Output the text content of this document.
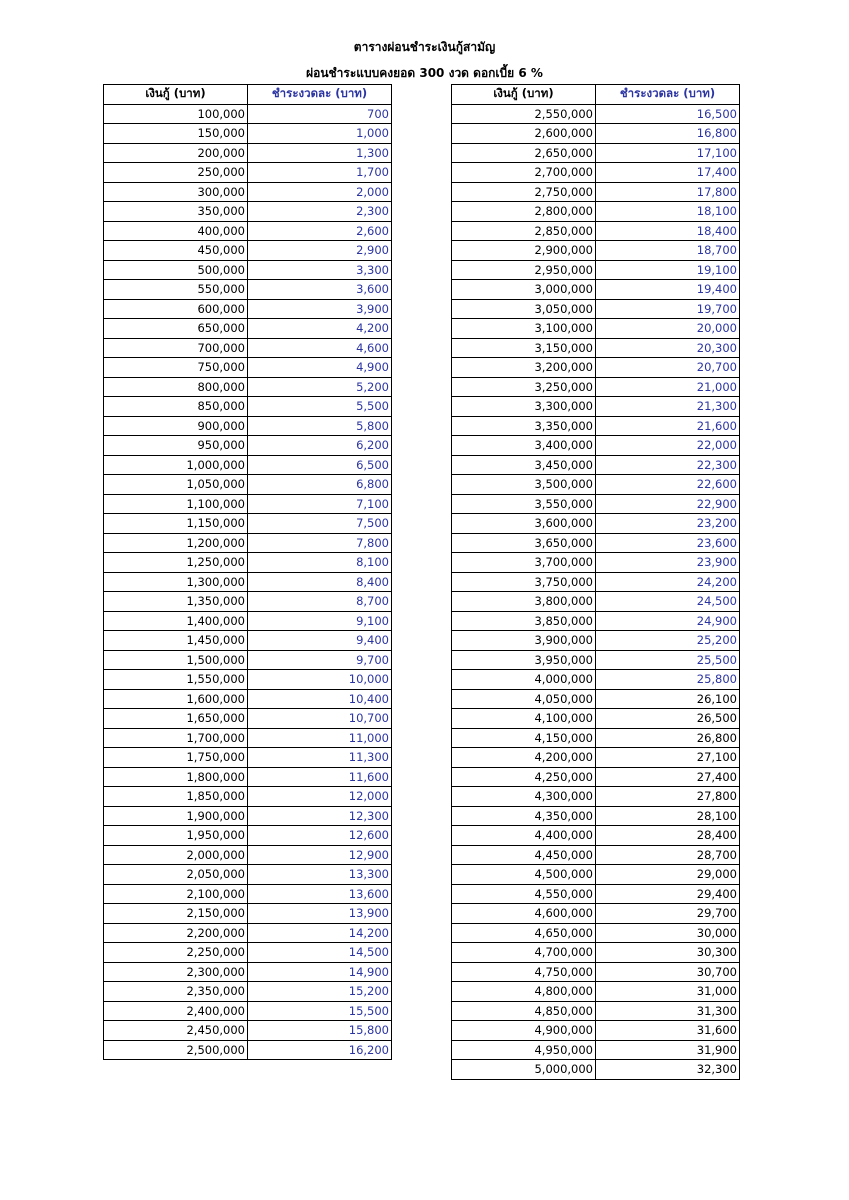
ตารางผ่อนชำระเงินกู้สามัญ
ผ่อนชำระแบบคงยอด 300 งวด ดอกเบี้ย 6 %
เงินกู้ (บาท)	ชำระงวดละ (บาท)
100,000	700
150,000	1,000
200,000	1,300
250,000	1,700
300,000	2,000
350,000	2,300
400,000	2,600
450,000	2,900
500,000	3,300
550,000	3,600
600,000	3,900
650,000	4,200
700,000	4,600
750,000	4,900
800,000	5,200
850,000	5,500
900,000	5,800
950,000	6,200
1,000,000	6,500
1,050,000	6,800
1,100,000	7,100
1,150,000	7,500
1,200,000	7,800
1,250,000	8,100
1,300,000	8,400
1,350,000	8,700
1,400,000	9,100
1,450,000	9,400
1,500,000	9,700
1,550,000	10,000
1,600,000	10,400
1,650,000	10,700
1,700,000	11,000
1,750,000	11,300
1,800,000	11,600
1,850,000	12,000
1,900,000	12,300
1,950,000	12,600
2,000,000	12,900
2,050,000	13,300
2,100,000	13,600
2,150,000	13,900
2,200,000	14,200
2,250,000	14,500
2,300,000	14,900
2,350,000	15,200
2,400,000	15,500
2,450,000	15,800
2,500,000	16,200
เงินกู้ (บาท)	ชำระงวดละ (บาท)
2,550,000	16,500
2,600,000	16,800
2,650,000	17,100
2,700,000	17,400
2,750,000	17,800
2,800,000	18,100
2,850,000	18,400
2,900,000	18,700
2,950,000	19,100
3,000,000	19,400
3,050,000	19,700
3,100,000	20,000
3,150,000	20,300
3,200,000	20,700
3,250,000	21,000
3,300,000	21,300
3,350,000	21,600
3,400,000	22,000
3,450,000	22,300
3,500,000	22,600
3,550,000	22,900
3,600,000	23,200
3,650,000	23,600
3,700,000	23,900
3,750,000	24,200
3,800,000	24,500
3,850,000	24,900
3,900,000	25,200
3,950,000	25,500
4,000,000	25,800
4,050,000	26,100
4,100,000	26,500
4,150,000	26,800
4,200,000	27,100
4,250,000	27,400
4,300,000	27,800
4,350,000	28,100
4,400,000	28,400
4,450,000	28,700
4,500,000	29,000
4,550,000	29,400
4,600,000	29,700
4,650,000	30,000
4,700,000	30,300
4,750,000	30,700
4,800,000	31,000
4,850,000	31,300
4,900,000	31,600
4,950,000	31,900
5,000,000	32,300
